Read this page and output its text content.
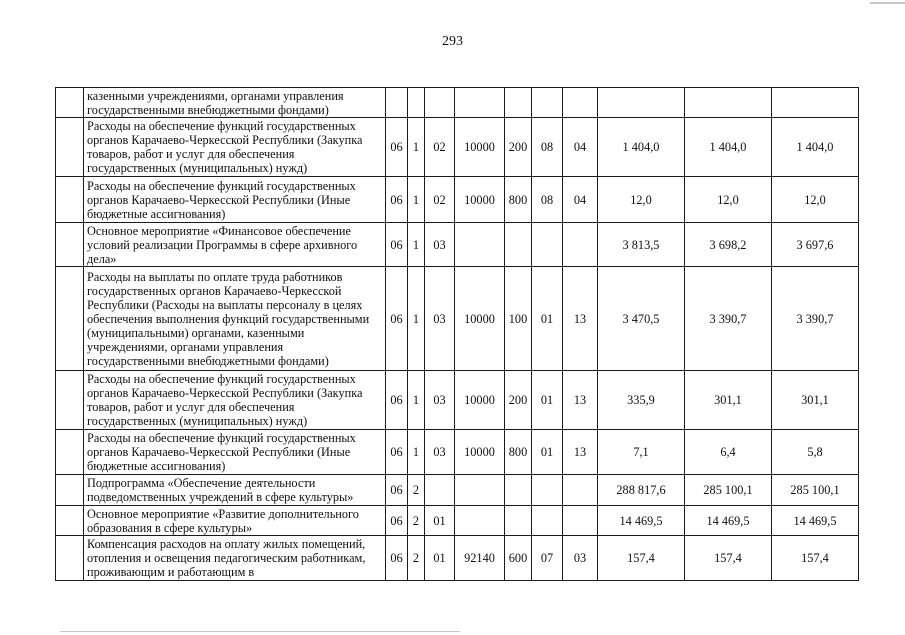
293
	казенными учреждениями, органами управления государственными внебюджетными фондами)										
	Расходы на обеспечение функций государственных органов Карачаево-Черкесской Республики (Закупка товаров, работ и услуг для обеспечения государственных (муниципальных) нужд)	06	1	02	10000	200	08	04	1 404,0	1 404,0	1 404,0
	Расходы на обеспечение функций государственных органов Карачаево-Черкесской Республики (Иные бюджетные ассигнования)	06	1	02	10000	800	08	04	12,0	12,0	12,0
	Основное мероприятие «Финансовое обеспечение условий реализации Программы в сфере архивного дела»	06	1	03					3 813,5	3 698,2	3 697,6
	Расходы на выплаты по оплате труда работников государственных органов Карачаево-Черкесской Республики (Расходы на выплаты персоналу в целях обеспечения выполнения функций государственными (муниципальными) органами, казенными учреждениями, органами управления государственными внебюджетными фондами)	06	1	03	10000	100	01	13	3 470,5	3 390,7	3 390,7
	Расходы на обеспечение функций государственных органов Карачаево-Черкесской Республики (Закупка товаров, работ и услуг для обеспечения государственных (муниципальных) нужд)	06	1	03	10000	200	01	13	335,9	301,1	301,1
	Расходы на обеспечение функций государственных органов Карачаево-Черкесской Республики (Иные бюджетные ассигнования)	06	1	03	10000	800	01	13	7,1	6,4	5,8
	Подпрограмма «Обеспечение деятельности подведомственных учреждений в сфере культуры»	06	2						288 817,6	285 100,1	285 100,1
	Основное мероприятие «Развитие дополнительного образования в сфере культуры»	06	2	01					14 469,5	14 469,5	14 469,5
	Компенсация расходов на оплату жилых помещений, отопления и освещения педагогическим работникам, проживающим и работающим в	06	2	01	92140	600	07	03	157,4	157,4	157,4
